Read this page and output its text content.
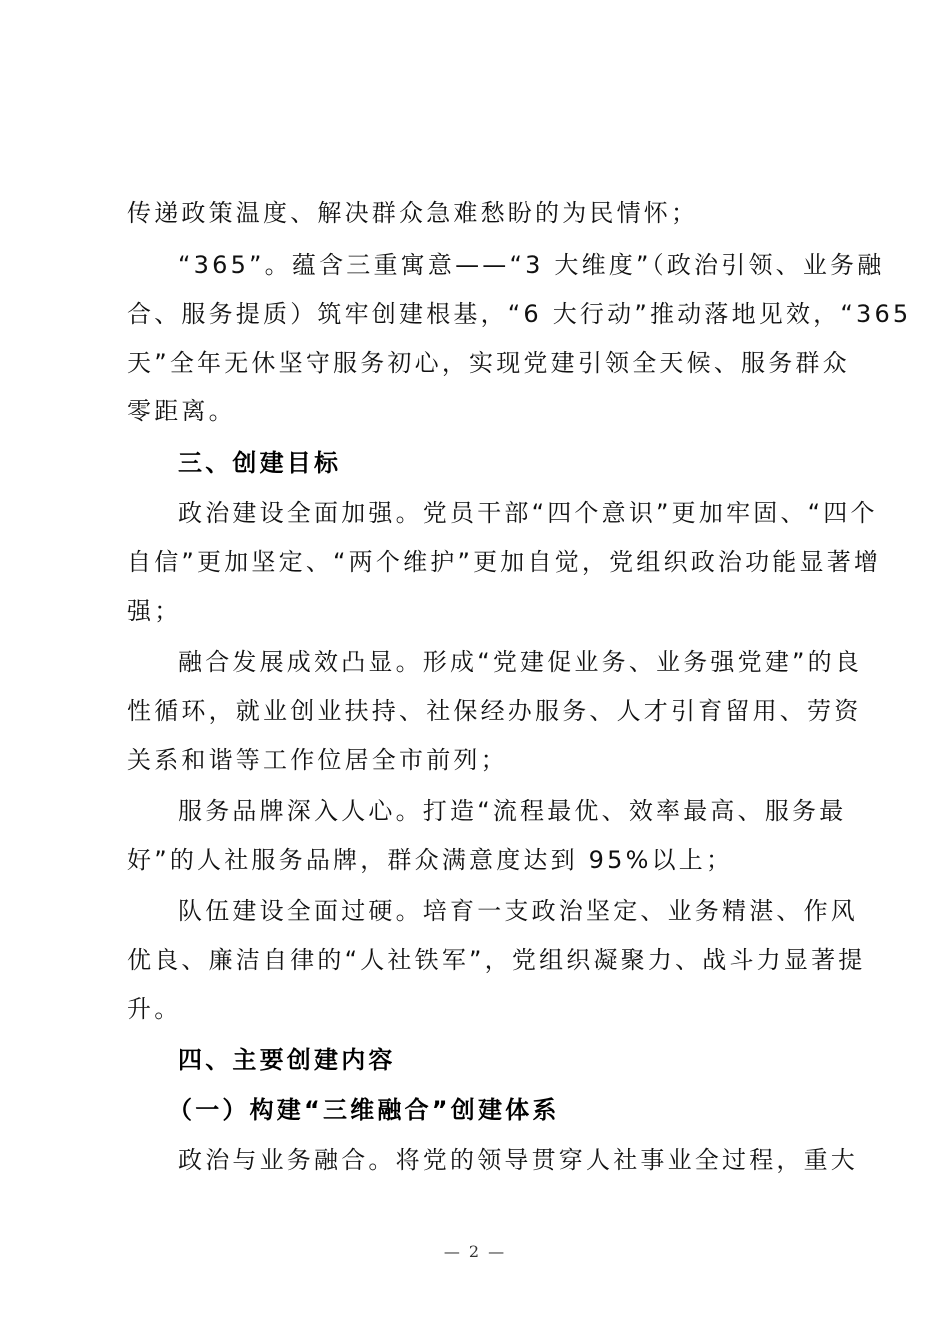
传递政策温度、解决群众急难愁盼的为民情怀；
“365”。蕴含三重寓意——“3 大维度”（政治引领、业务融
合、服务提质）筑牢创建根基，“6 大行动”推动落地见效，“365
天”全年无休坚守服务初心，实现党建引领全天候、服务群众
零距离。
三、创建目标
政治建设全面加强。党员干部“四个意识”更加牢固、“四个
自信”更加坚定、“两个维护”更加自觉，党组织政治功能显著增
强；
融合发展成效凸显。形成“党建促业务、业务强党建”的良
性循环，就业创业扶持、社保经办服务、人才引育留用、劳资
关系和谐等工作位居全市前列；
服务品牌深入人心。打造“流程最优、效率最高、服务最
好”的人社服务品牌，群众满意度达到 95%以上；
队伍建设全面过硬。培育一支政治坚定、业务精湛、作风
优良、廉洁自律的“人社铁军”，党组织凝聚力、战斗力显著提
升。
四、主要创建内容
（一）构建“三维融合”创建体系
政治与业务融合。将党的领导贯穿人社事业全过程，重大
— 2 —
